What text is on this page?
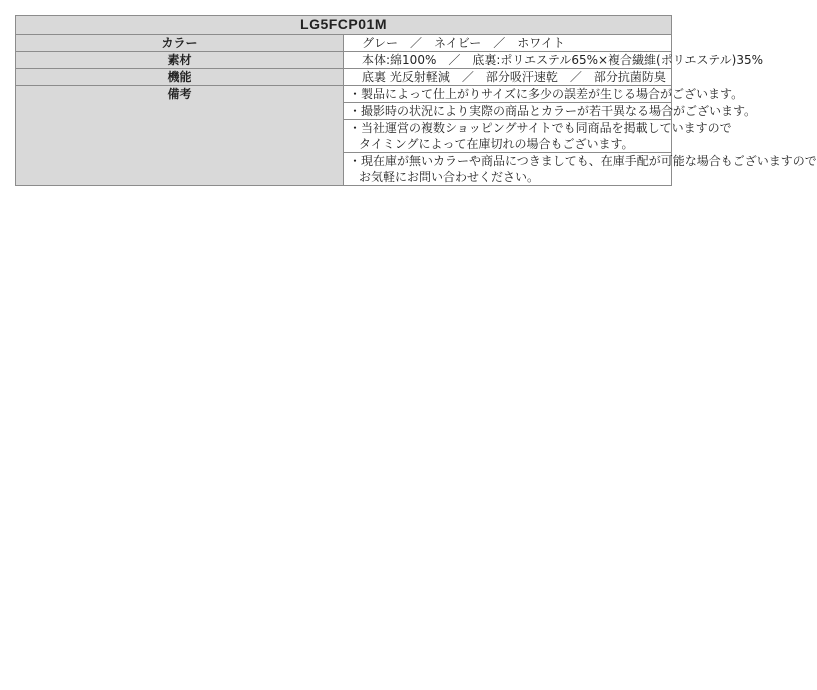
LG5FCP01M	
カラー	グレー　／　ネイビー　／　ホワイト
素材	本体:綿100%　／　底裏:ポリエステル65%×複合繊維(ポリエステル)35%
機能	底裏 光反射軽減　／　部分吸汗速乾　／　部分抗菌防臭
備考	・製品によって仕上がりサイズに多少の誤差が生じる場合がございます。

	・撮影時の状況により実際の商品とカラーが若干異なる場合がございます。

	・当社運営の複数ショッピングサイトでも同商品を掲載していますので
タイミングによって在庫切れの場合もございます。

	・現在庫が無いカラーや商品につきましても、在庫手配が可能な場合もございますので
お気軽にお問い合わせください。
